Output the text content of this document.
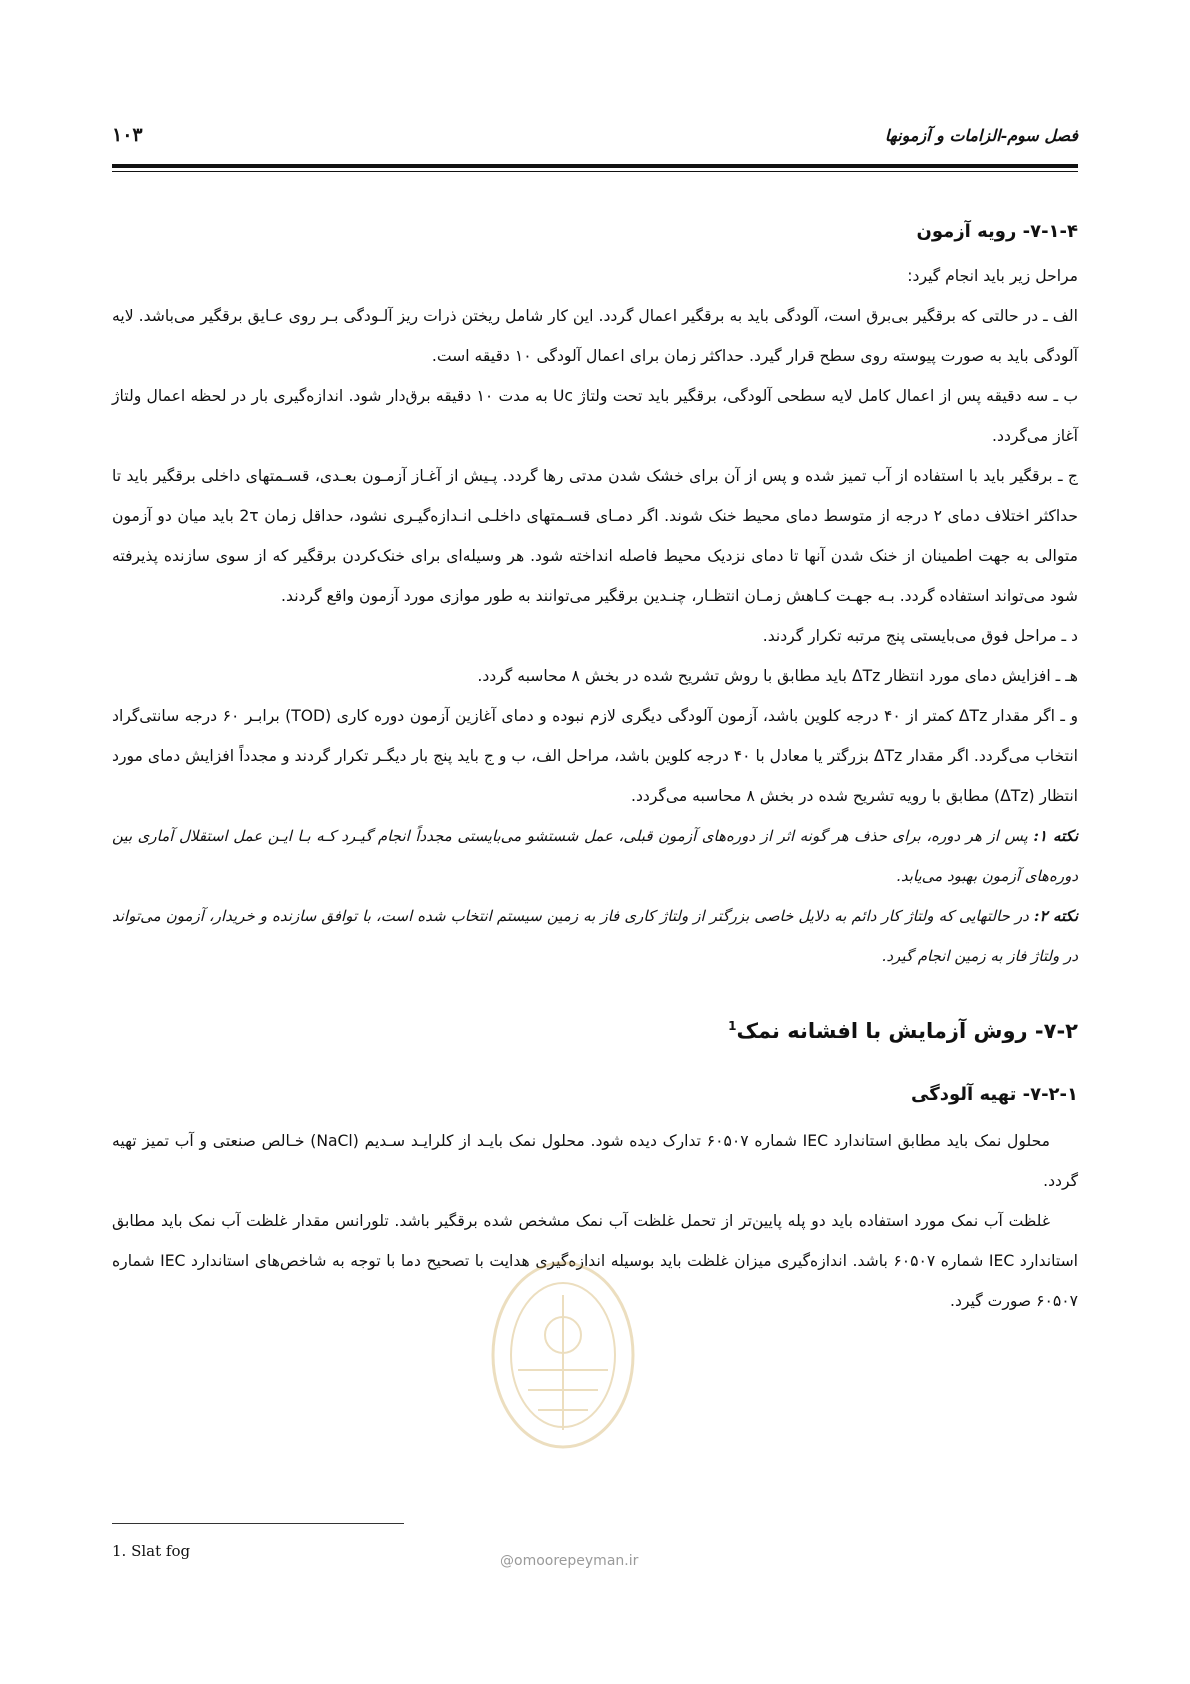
فصل سوم-الزامات و آزمونها
۱۰۳
۷-۱-۴- رویه آزمون

مراحل زیر باید انجام گیرد:

الف ـ در حالتی که برقگیر بی‌برق است، آلودگی باید به برقگیر اعمال گردد. این کار شامل ریختن ذرات ریز آلـودگی بـر روی عـایق برقگیر می‌باشد. لایه آلودگی باید به صورت پیوسته روی سطح قرار گیرد. حداکثر زمان برای اعمال آلودگی ۱۰ دقیقه است.

ب ـ سه دقیقه پس از اعمال کامل لایه سطحی آلودگی، برقگیر باید تحت ولتاژ Uc به مدت ۱۰ دقیقه برق‌دار شود. اندازه‌گیری بار در لحظه اعمال ولتاژ آغاز می‌گردد.

ج ـ برقگیر باید با استفاده از آب تمیز شده و پس از آن برای خشک شدن مدتی رها گردد. پـیش از آغـاز آزمـون بعـدی، قسـمتهای داخلی برقگیر باید تا حداکثر اختلاف دمای ۲ درجه از متوسط دمای محیط خنک شوند. اگر دمـای قسـمتهای داخلـی انـدازه‌گیـری نشود، حداقل زمان 2τ باید میان دو آزمون متوالی به جهت اطمینان از خنک شدن آنها تا دمای نزدیک محیط فاصله انداخته شود. هر وسیله‌ای برای خنک‌کردن برقگیر که از سوی سازنده پذیرفته شود می‌تواند استفاده گردد. بـه جهـت کـاهش زمـان انتظـار، چنـدین برقگیر می‌توانند به طور موازی مورد آزمون واقع گردند.

د ـ مراحل فوق می‌بایستی پنج مرتبه تکرار گردند.

هـ ـ افزایش دمای مورد انتظار ΔTz باید مطابق با روش تشریح شده در بخش ۸ محاسبه گردد.

و ـ اگر مقدار ΔTz کمتر از ۴۰ درجه کلوین باشد، آزمون آلودگی دیگری لازم نبوده و دمای آغازین آزمون دوره کاری (TOD) برابـر ۶۰ درجه سانتی‌گراد انتخاب می‌گردد. اگر مقدار ΔTz بزرگتر یا معادل با ۴۰ درجه کلوین باشد، مراحل الف، ب و ج باید پنج بار دیگـر تکرار گردند و مجدداً افزایش دمای مورد انتظار (ΔTz) مطابق با رویه تشریح شده در بخش ۸ محاسبه می‌گردد.

نکته ۱: پس از هر دوره، برای حذف هر گونه اثر از دوره‌های آزمون قبلی، عمل شستشو می‌بایستی مجدداً انجام گیـرد کـه بـا ایـن عمل استقلال آماری بین دوره‌های آزمون بهبود می‌یابد.

نکته ۲: در حالتهایی که ولتاژ کار دائم به دلایل خاصی بزرگتر از ولتاژ کاری فاز به زمین سیستم انتخاب شده است، با توافق سازنده و خریدار، آزمون می‌تواند در ولتاژ فاز به زمین انجام گیرد.

۷-۲- روش آزمایش با افشانه نمک$^1$
۷-۲-۱- تهیه آلودگی

محلول نمک باید مطابق استاندارد IEC شماره ۶۰۵۰۷ تدارک دیده شود. محلول نمک بایـد از کلرایـد سـدیم (NaCl) خـالص صنعتی و آب تمیز تهیه گردد.

غلظت آب نمک مورد استفاده باید دو پله پایین‌تر از تحمل غلظت آب نمک مشخص شده برقگیر باشد. تلورانس مقدار غلظت آب نمک باید مطابق استاندارد IEC شماره ۶۰۵۰۷ باشد. اندازه‌گیری میزان غلظت باید بوسیله اندازه‌گیری هدایت با تصحیح دما با توجه به شاخص‌های استاندارد IEC شماره ۶۰۵۰۷ صورت گیرد.

@omoorepeyman.ir
1. Slat fog
